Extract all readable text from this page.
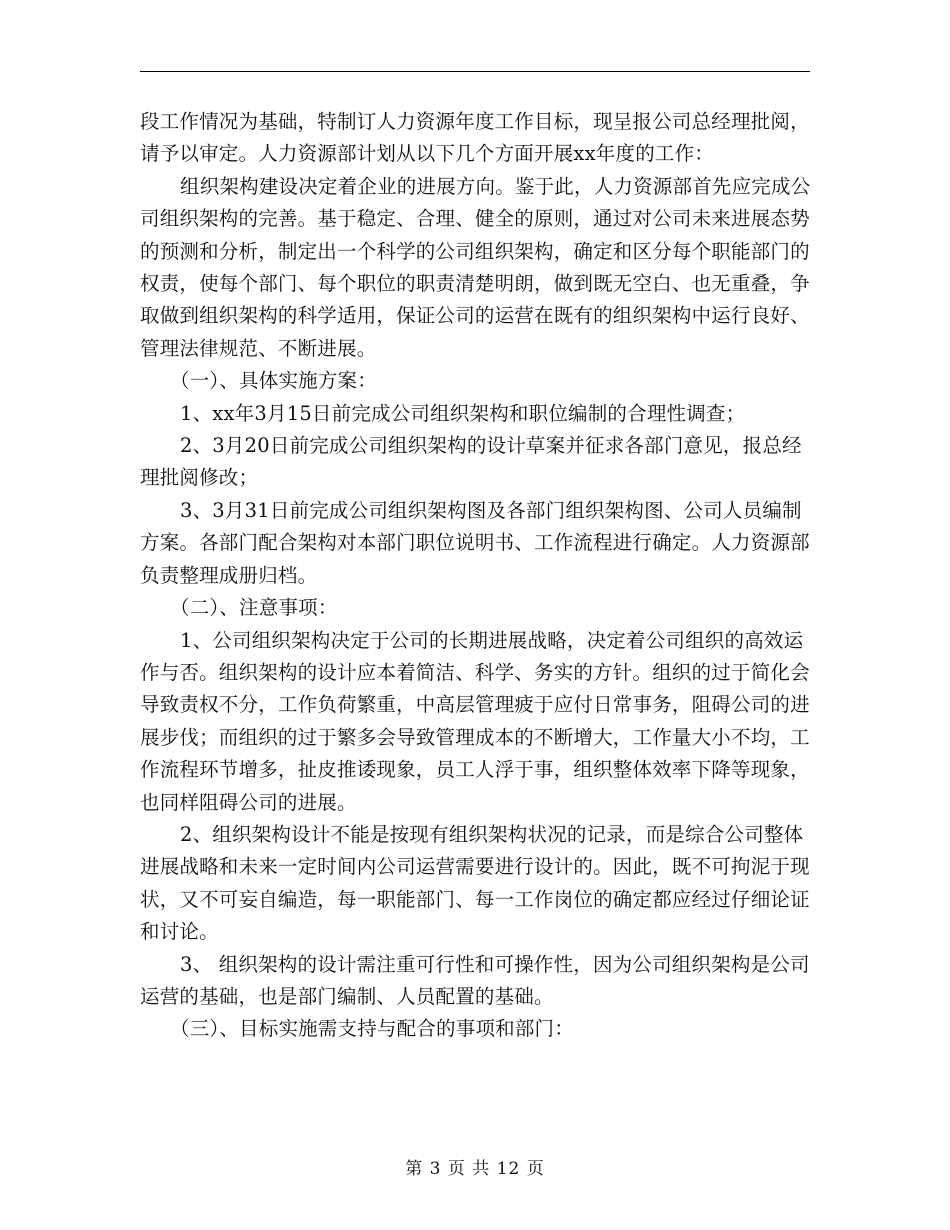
段工作情况为基础，特制订人力资源年度工作目标，现呈报公司总经理批阅，请予以审定。人力资源部计划从以下几个方面开展xx年度的工作：

组织架构建设决定着企业的进展方向。鉴于此，人力资源部首先应完成公司组织架构的完善。基于稳定、合理、健全的原则，通过对公司未来进展态势的预测和分析，制定出一个科学的公司组织架构，确定和区分每个职能部门的权责，使每个部门、每个职位的职责清楚明朗，做到既无空白、也无重叠，争取做到组织架构的科学适用，保证公司的运营在既有的组织架构中运行良好、管理法律规范、不断进展。

（一）、具体实施方案：

1、xx年3月15日前完成公司组织架构和职位编制的合理性调查；

2、3月20日前完成公司组织架构的设计草案并征求各部门意见，报总经理批阅修改；

3、3月31日前完成公司组织架构图及各部门组织架构图、公司人员编制方案。各部门配合架构对本部门职位说明书、工作流程进行确定。人力资源部负责整理成册归档。

（二）、注意事项：

1、公司组织架构决定于公司的长期进展战略，决定着公司组织的高效运作与否。组织架构的设计应本着简洁、科学、务实的方针。组织的过于简化会导致责权不分，工作负荷繁重，中高层管理疲于应付日常事务，阻碍公司的进展步伐；而组织的过于繁多会导致管理成本的不断增大，工作量大小不均，工作流程环节增多，扯皮推诿现象，员工人浮于事，组织整体效率下降等现象，也同样阻碍公司的进展。

2、组织架构设计不能是按现有组织架构状况的记录，而是综合公司整体进展战略和未来一定时间内公司运营需要进行设计的。因此，既不可拘泥于现状，又不可妄自编造，每一职能部门、每一工作岗位的确定都应经过仔细论证和讨论。

3、 组织架构的设计需注重可行性和可操作性，因为公司组织架构是公司运营的基础，也是部门编制、人员配置的基础。

（三）、目标实施需支持与配合的事项和部门：

第 3 页 共 12 页
